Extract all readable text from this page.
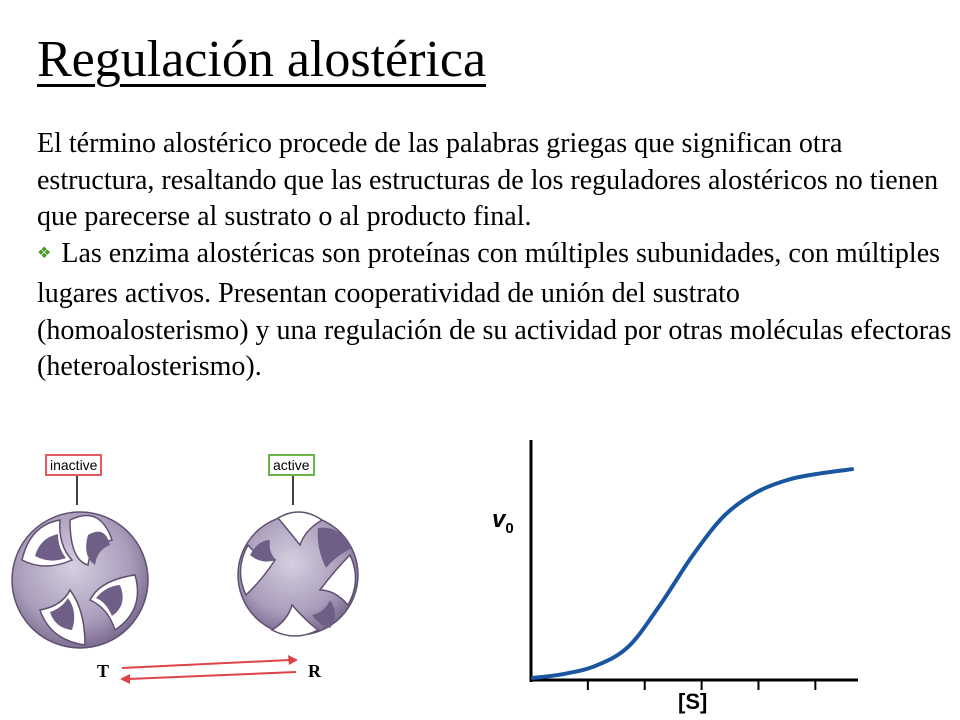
Regulación alostérica

El término alostérico procede de las palabras griegas que significan otra estructura, resaltando que las estructuras de los reguladores alostéricos no tienen que parecerse al sustrato o al producto final.

❖ Las enzima alostéricas son proteínas con múltiples subunidades, con múltiples lugares activos. Presentan cooperatividad de unión del sustrato (homoalosterismo) y una regulación de su actividad por otras moléculas efectoras (heteroalosterismo).

inactive	active
T	R
$v_0$
[S]
